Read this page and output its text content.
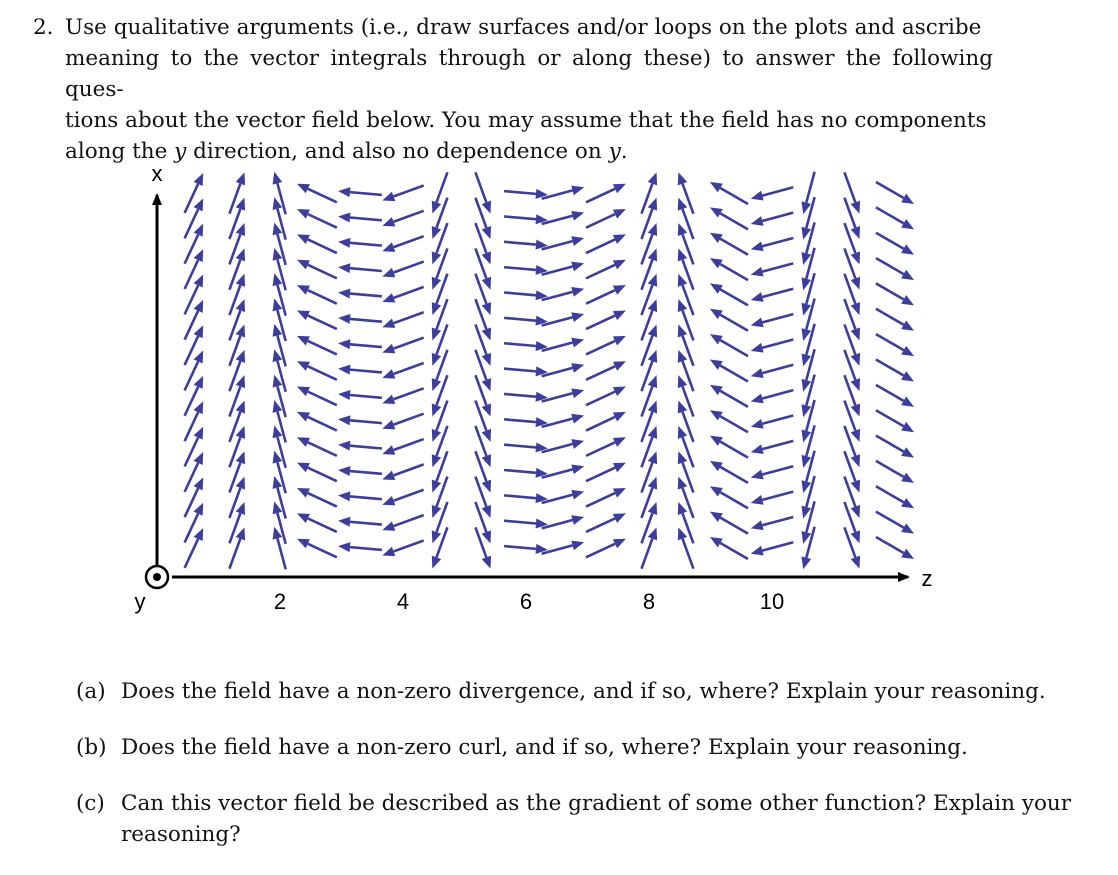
2. Use qualitative arguments (i.e., draw surfaces and/or loops on the plots and ascribe
meaning to the vector integrals through or along these) to answer the following ques-
tions about the vector field below. You may assume that the field has no components
along the y direction, and also no dependence on y.
x
z
y	2	4	6	8	10
(a) Does the field have a non-zero divergence, and if so, where? Explain your reasoning.
(b) Does the field have a non-zero curl, and if so, where? Explain your reasoning.
(c) Can this vector field be described as the gradient of some other function? Explain your
reasoning?
